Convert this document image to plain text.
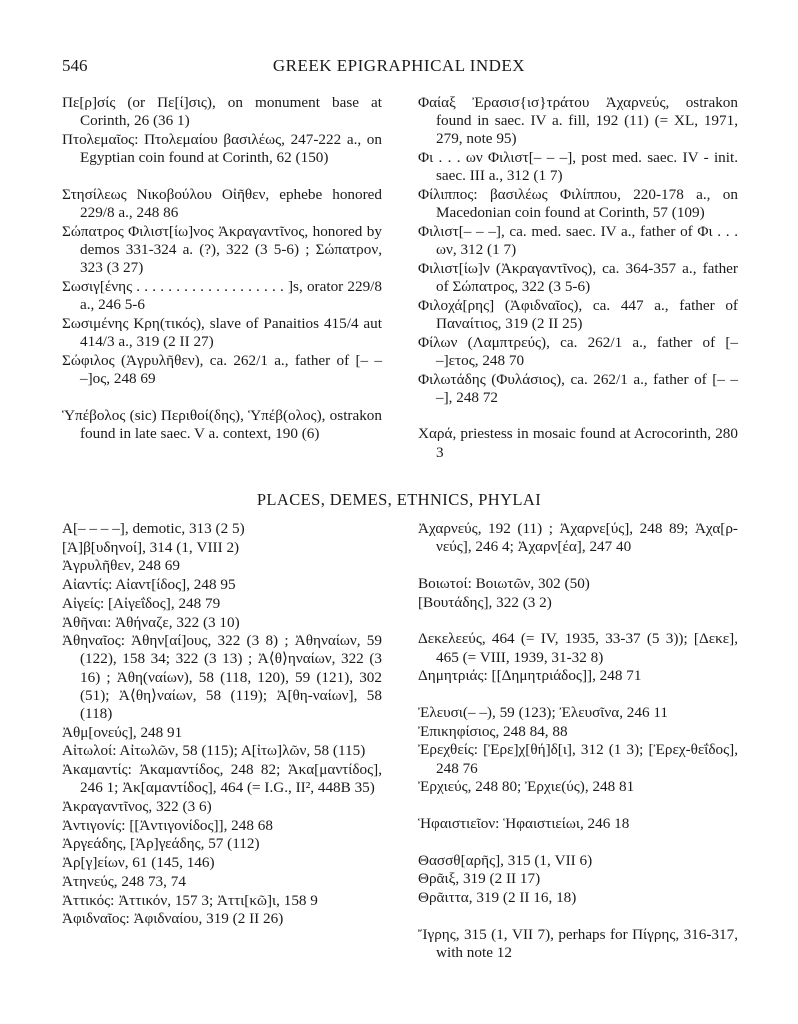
546	GREEK EPIGRAPHICAL INDEX
Πε[ρ]σίς (or Πε[ί]σις), on monument base at Corinth, 26 (36 1)
Πτολεμαῖος: Πτολεμαίου βασιλέως, 247-222 a., on Egyptian coin found at Corinth, 62 (150)
Στησίλεως Νικοβούλου Οἰῆθεν, ephebe honored 229/8 a., 248 86
Σώπατρος Φιλιστ[ίω]νος Ἀκραγαντῖνος, honored by demos 331-324 a. (?), 322 (3 5-6) ; Σώπατρον, 323 (3 27)
Σωσιγ[ένης . . . . . . . . . . . . . . . . . . . ]s, orator 229/8 a., 246 5-6
Σωσιμένης Κρη(τικός), slave of Panaitios 415/4 aut 414/3 a., 319 (2 II 27)
Σώφιλος (Ἀγρυλῆθεν), ca. 262/1 a., father of [– – –]ος, 248 69
Ὑπέβολος (sic) Περιθοί(δης), Ὑπέβ(ολος), ostrakon found in late saec. V a. context, 190 (6)
Φαίαξ Ἐρασισ{ισ}τράτου Ἀχαρνεύς, ostrakon found in saec. IV a. fill, 192 (11) (= XL, 1971, 279, note 95)
Φι . . . ων Φιλιστ[– – –], post med. saec. IV - init. saec. III a., 312 (1 7)
Φίλιππος: βασιλέως Φιλίππου, 220-178 a., on Macedonian coin found at Corinth, 57 (109)
Φιλιστ[– – –], ca. med. saec. IV a., father of Φι . . . ων, 312 (1 7)
Φιλιστ[ίω]ν (Ἀκραγαντῖνος), ca. 364-357 a., father of Σώπατρος, 322 (3 5-6)
Φιλοχά[ρης] (Ἀφιδναῖος), ca. 447 a., father of Παναίτιος, 319 (2 II 25)
Φίλων (Λαμπτρεύς), ca. 262/1 a., father of [– –]ετος, 248 70
Φιλωτάδης (Φυλάσιος), ca. 262/1 a., father of [– – –], 248 72
Χαρά, priestess in mosaic found at Acrocorinth, 280 3
PLACES, DEMES, ETHNICS, PHYLAI
Α[– – – –], demotic, 313 (2 5)
[Ἀ]β[υδηνοί], 314 (1, VIII 2)
Ἀγρυλῆθεν, 248 69
Αἰαντίς: Αἰαντ[ίδος], 248 95
Αἰγείς: [Αἰγεΐδος], 248 79
Ἀθῆναι: Ἀθήναζε, 322 (3 10)
Ἀθηναῖος: Ἀθην[αί]ους, 322 (3 8) ; Ἀθηναίων, 59 (122), 158 34; 322 (3 13) ; Ἀ⟨θ⟩ηναίων, 322 (3 16) ; Ἀθη(ναίων), 58 (118, 120), 59 (121), 302 (51); Ἀ⟨θη⟩ναίων, 58 (119); Ἀ[θη-ναίων], 58 (118)
Ἀθμ[ονεύς], 248 91
Αἰτωλοί: Αἰτωλῶν, 58 (115); Α[ἰτω]λῶν, 58 (115)
Ἀκαμαντίς: Ἀκαμαντίδος, 248 82; Ἀκα[μαντίδος], 246 1; Ἀκ[αμαντίδος], 464 (= I.G., II², 448B 35)
Ἀκραγαντῖνος, 322 (3 6)
Ἀντιγονίς: [[Ἀντιγονίδος]], 248 68
Ἀργεάδης, [Ἀρ]γεάδης, 57 (112)
Ἀρ[γ]είων, 61 (145, 146)
Ἀτηνεύς, 248 73, 74
Ἀττικός: Ἀττικόν, 157 3; Ἀττι[κῶ]ι, 158 9
Ἀφιδναῖος: Ἀφιδναίου, 319 (2 II 26)
Ἀχαρνεύς, 192 (11) ; Ἀχαρνε[ύς], 248 89; Ἀχα[ρ-νεύς], 246 4; Ἀχαρν[έα], 247 40
Βοιωτοί: Βοιωτῶν, 302 (50)
[Βουτάδης], 322 (3 2)
Δεκελεεύς, 464 (= IV, 1935, 33-37 (5 3)); [Δεκε], 465 (= VIII, 1939, 31-32 8)
Δημητριάς: [[Δημητριάδος]], 248 71
Ἐλευσι(– –), 59 (123); Ἐλευσῖνα, 246 11
Ἐπικηφίσιος, 248 84, 88
Ἐρεχθείς: [Ἐρε]χ[θή]δ[ι], 312 (1 3); [Ἐρεχ-θεΐδος], 248 76
Ἐρχιεύς, 248 80; Ἐρχιε(ύς), 248 81
Ἡφαιστιεῖον: Ἡφαιστιείωι, 246 18
Θασσθ[αρῆς], 315 (1, VII 6)
Θρᾶιξ, 319 (2 II 17)
Θρᾶιττα, 319 (2 II 16, 18)
Ἴγρης, 315 (1, VII 7), perhaps for Πίγρης, 316-317, with note 12
